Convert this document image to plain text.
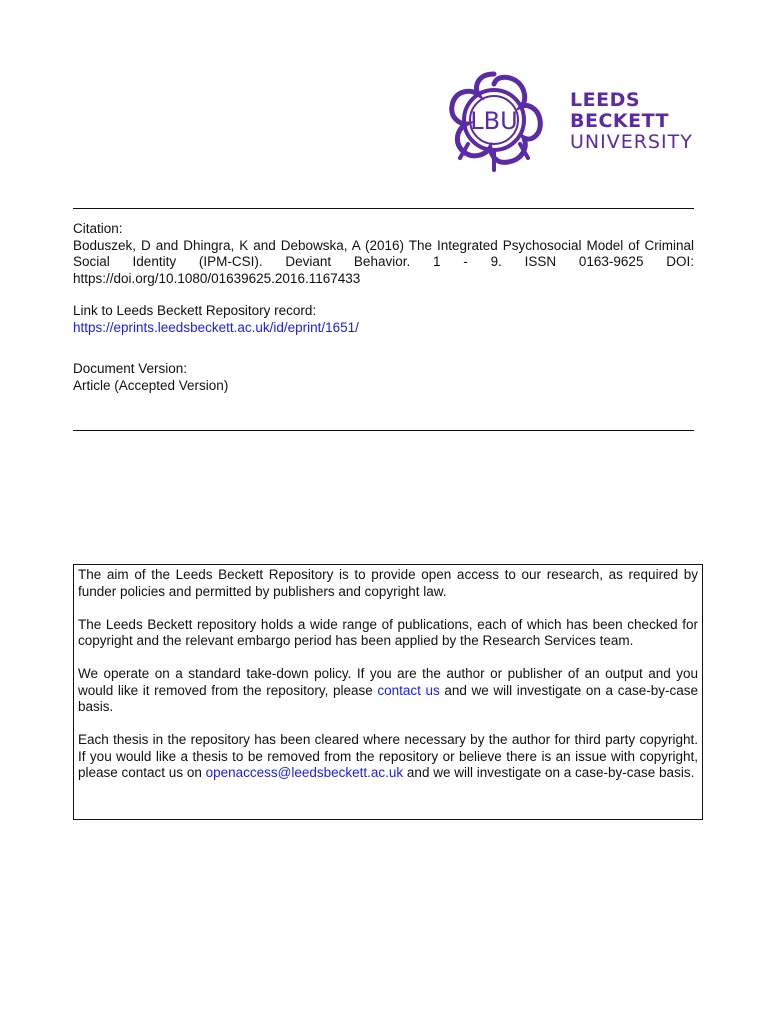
LBU
LEEDS
BECKETT
UNIVERSITY
Citation:
Boduszek, D and Dhingra, K and Debowska, A (2016) The Integrated Psychosocial Model of Criminal Social Identity (IPM-CSI). Deviant Behavior. 1 - 9. ISSN 0163-9625 DOI: https://doi.org/10.1080/01639625.2016.1167433
Link to Leeds Beckett Repository record:
https://eprints.leedsbeckett.ac.uk/id/eprint/1651/
Document Version:
Article (Accepted Version)

The aim of the Leeds Beckett Repository is to provide open access to our research, as required by funder policies and permitted by publishers and copyright law.

The Leeds Beckett repository holds a wide range of publications, each of which has been checked for copyright and the relevant embargo period has been applied by the Research Services team.

We operate on a standard take-down policy. If you are the author or publisher of an output and you would like it removed from the repository, please contact us and we will investigate on a case-by-case basis.

Each thesis in the repository has been cleared where necessary by the author for third party copyright. If you would like a thesis to be removed from the repository or believe there is an issue with copyright, please contact us on openaccess@leedsbeckett.ac.uk and we will investigate on a case-by-case basis.
